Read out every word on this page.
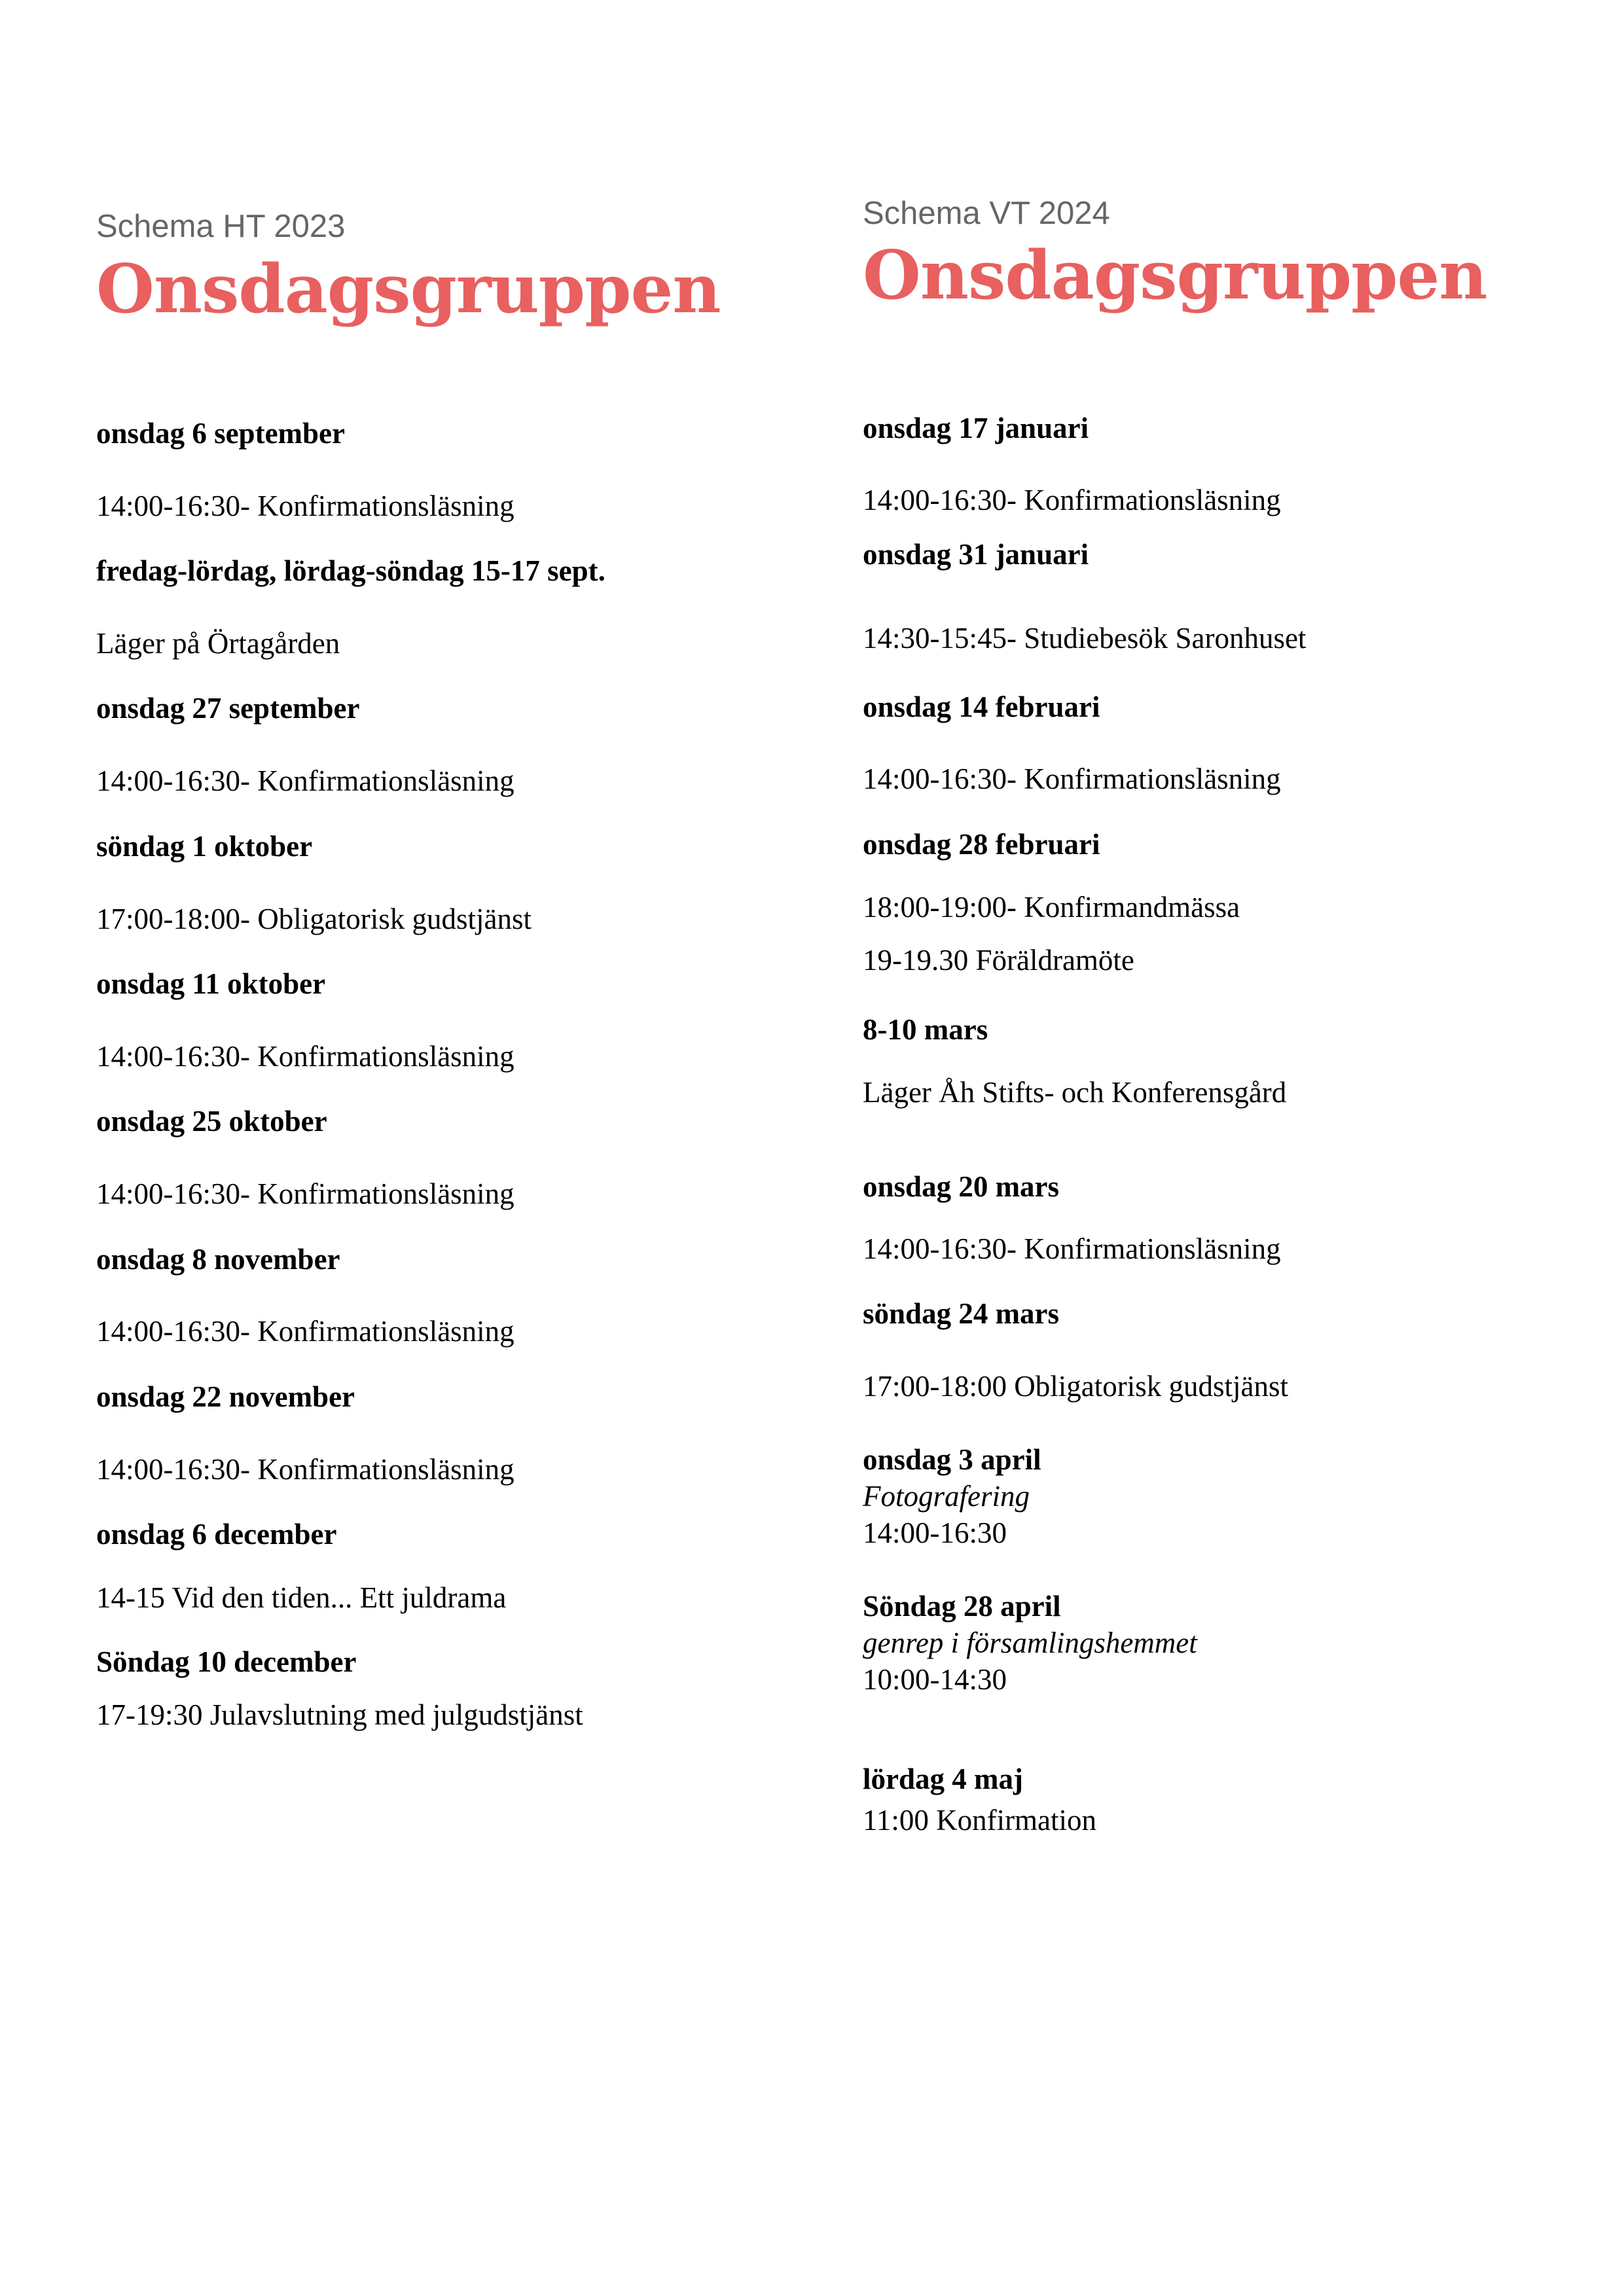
Schema HT 2023
Onsdagsgruppen
onsdag 6 september
14:00-16:30- Konfirmationsläsning
fredag-lördag, lördag-söndag 15-17 sept.
Läger på Örtagården
onsdag 27 september
14:00-16:30- Konfirmationsläsning
söndag 1 oktober
17:00-18:00- Obligatorisk gudstjänst
onsdag 11 oktober
14:00-16:30- Konfirmationsläsning
onsdag 25 oktober
14:00-16:30- Konfirmationsläsning
onsdag 8 november
14:00-16:30- Konfirmationsläsning
onsdag 22 november
14:00-16:30- Konfirmationsläsning
onsdag 6 december
14-15 Vid den tiden... Ett juldrama
Söndag 10 december
17-19:30 Julavslutning med julgudstjänst
Schema VT 2024
Onsdagsgruppen
onsdag 17 januari
14:00-16:30- Konfirmationsläsning
onsdag 31 januari
14:30-15:45- Studiebesök Saronhuset
onsdag 14 februari
14:00-16:30- Konfirmationsläsning
onsdag 28 februari
18:00-19:00- Konfirmandmässa
19-19.30 Föräldramöte
8-10 mars
Läger Åh Stifts- och Konferensgård
onsdag 20 mars
14:00-16:30- Konfirmationsläsning
söndag 24 mars
17:00-18:00 Obligatorisk gudstjänst
onsdag 3 april
Fotografering
14:00-16:30
Söndag 28 april
genrep i församlingshemmet
10:00-14:30
lördag 4 maj
11:00 Konfirmation
